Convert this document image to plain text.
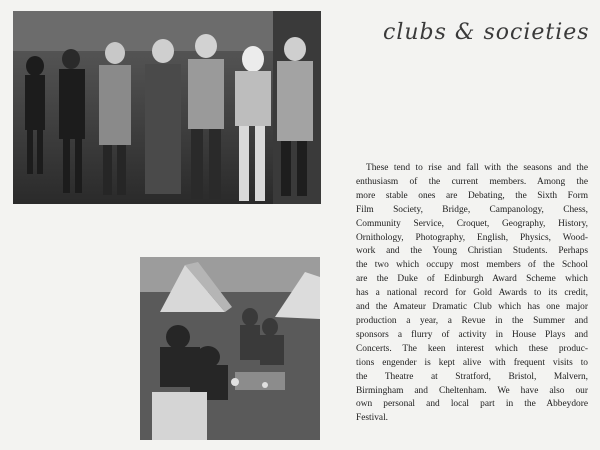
clubs & societies
These tend to rise and fall with the seasons and the
enthusiasm of the current members. Among the
more stable ones are Debating, the Sixth Form
Film Society, Bridge, Campanology, Chess,
Community Service, Croquet, Geography, History,
Ornithology, Photography, English, Physics, Wood-
work and the Young Christian Students. Perhaps
the two which occupy most members of the School
are the Duke of Edinburgh Award Scheme which
has a national record for Gold Awards to its credit,
and the Amateur Dramatic Club which has one major
production a year, a Revue in the Summer and
sponsors a flurry of activity in House Plays and
Concerts. The keen interest which these produc-
tions engender is kept alive with frequent visits to
the Theatre at Stratford, Bristol, Malvern,
Birmingham and Cheltenham. We have also our
own personal and local part in the Abbeydore
Festival.
